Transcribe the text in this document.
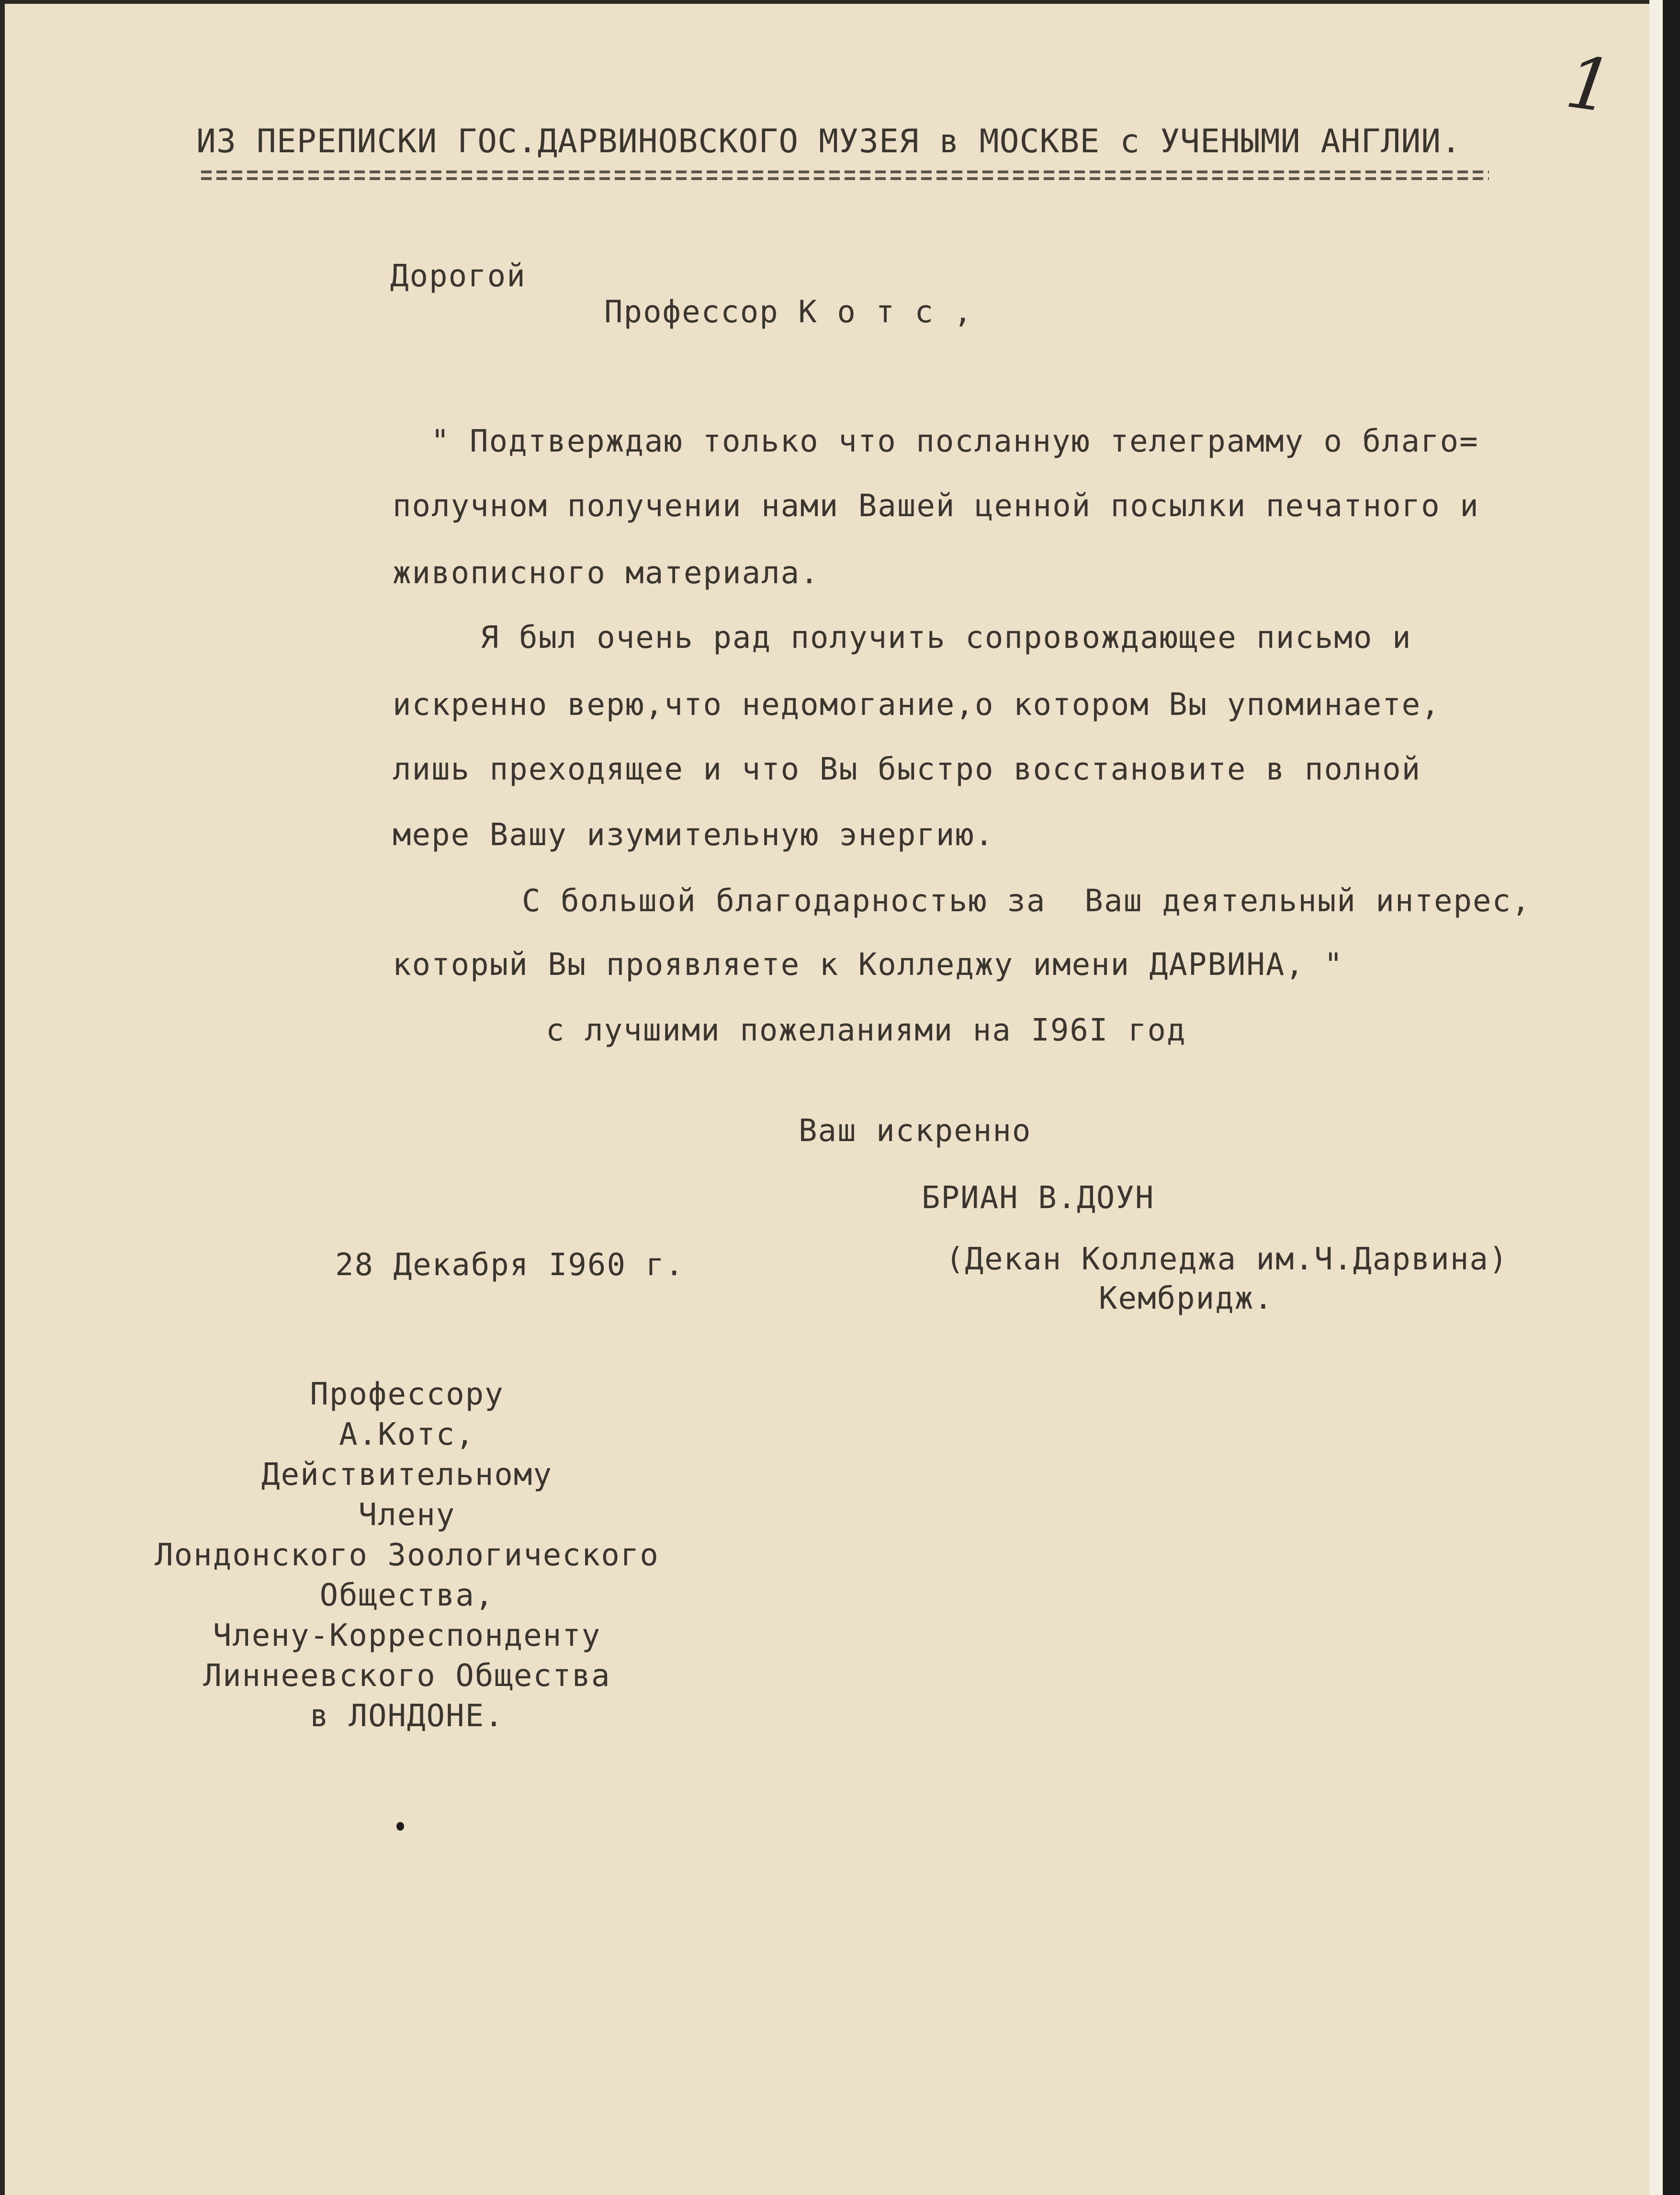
1
ИЗ ПЕРЕПИСКИ ГОС.ДАРВИНОВСКОГО МУЗЕЯ в МОСКВЕ с УЧЕНЫМИ АНГЛИИ.
Дорогой
Профессор К о т с ,
" Подтверждаю только что посланную телеграмму о благо=
получном получении нами Вашей ценной посылки печатного и
живописного материала.
Я был очень рад получить сопровождающее письмо и
искренно верю,что недомогание,о котором Вы упоминаете,
лишь преходящее и что Вы быстро восстановите в полной
мере Вашу изумительную энергию.
С большой благодарностью за  Ваш деятельный интерес,
который Вы проявляете к Колледжу имени ДАРВИНА, "
с лучшими пожеланиями на I96I год
Ваш искренно
БРИАН В.ДОУН
28 Декабря I960 г.	(Декан Колледжа им.Ч.Дарвина)
Кембридж.
Профессору
А.Котс,
Действительному
Члену
Лондонского Зоологического
Общества,
Члену-Корреспонденту
Линнеевского Общества
в ЛОНДОНЕ.
